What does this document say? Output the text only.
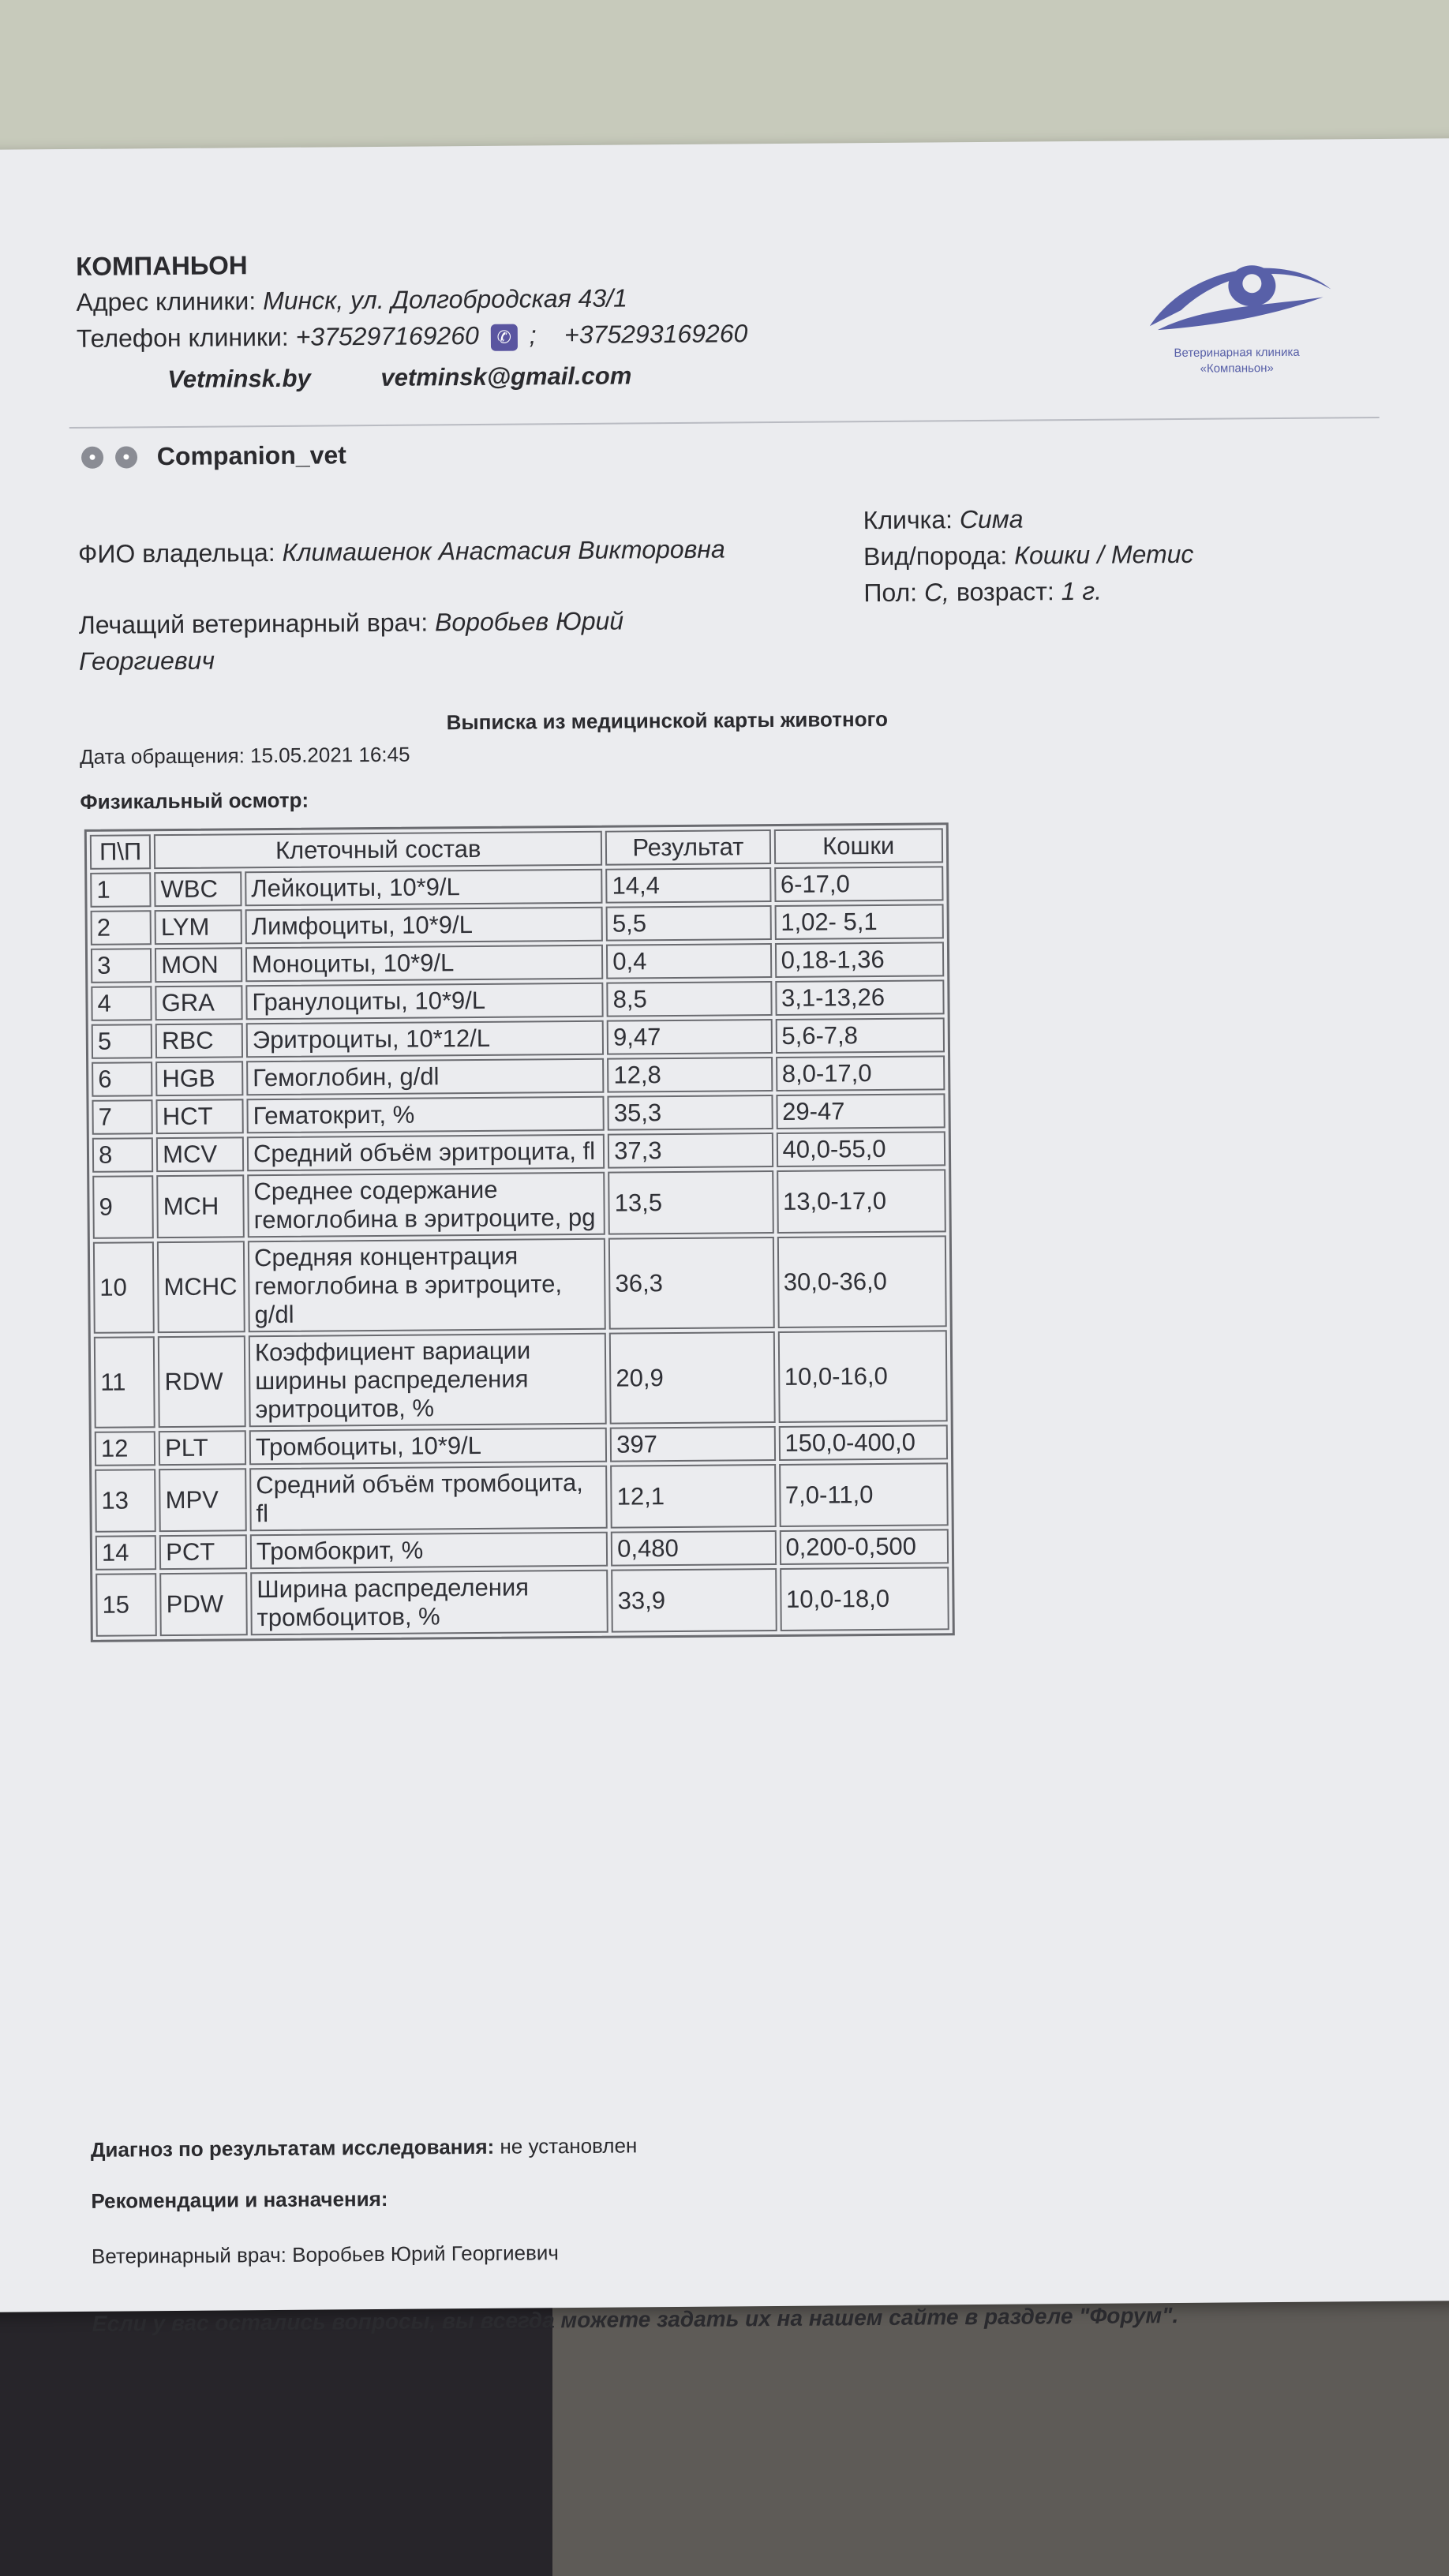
КОМПАНЬОН
Адрес клиники: Минск, ул. Долгобродская 43/1
Телефон клиники: +375297169260 ✆ ; +375293169260
Vetminsk.by	vetminsk@gmail.com
Ветеринарная клиника
«Компаньон»
● ● Companion_vet
ФИО владельца: Климашенок Анастасия Викторовна
Кличка: Сима
Вид/порода: Кошки / Метис
Пол: С, возраст: 1 г.
Лечащий ветеринарный врач: Воробьев Юрий
Георгиевич
Выписка из медицинской карты животного
Дата обращения: 15.05.2021 16:45
Физикальный осмотр:
П\П	Клеточный состав		Результат	Кошки
1	WBC	Лейкоциты, 10*9/L	14,4	6-17,0
2	LYM	Лимфоциты, 10*9/L	5,5	1,02- 5,1
3	MON	Моноциты, 10*9/L	0,4	0,18-1,36
4	GRA	Гранулоциты, 10*9/L	8,5	3,1-13,26
5	RBC	Эритроциты, 10*12/L	9,47	5,6-7,8
6	HGB	Гемоглобин, g/dl	12,8	8,0-17,0
7	HCT	Гематокрит, %	35,3	29-47
8	MCV	Средний объём эритроцита, fl	37,3	40,0-55,0
9	MCH	Среднее содержание гемоглобина в эритроците, pg	13,5	13,0-17,0
10	MCHC	Средняя концентрация гемоглобина в эритроците, g/dl	36,3	30,0-36,0
11	RDW	Коэффициент вариации ширины распределения эритроцитов, %	20,9	10,0-16,0
12	PLT	Тромбоциты, 10*9/L	397	150,0-400,0
13	MPV	Средний объём тромбоцита, fl	12,1	7,0-11,0
14	PCT	Тромбокрит, %	0,480	0,200-0,500
15	PDW	Ширина распределения тромбоцитов, %	33,9	10,0-18,0
Диагноз по результатам исследования: не установлен
Рекомендации и назначения:
Ветеринарный врач: Воробьев Юрий Георгиевич
Если у вас остались вопросы, вы всегда можете задать их на нашем сайте в разделе "Форум".
